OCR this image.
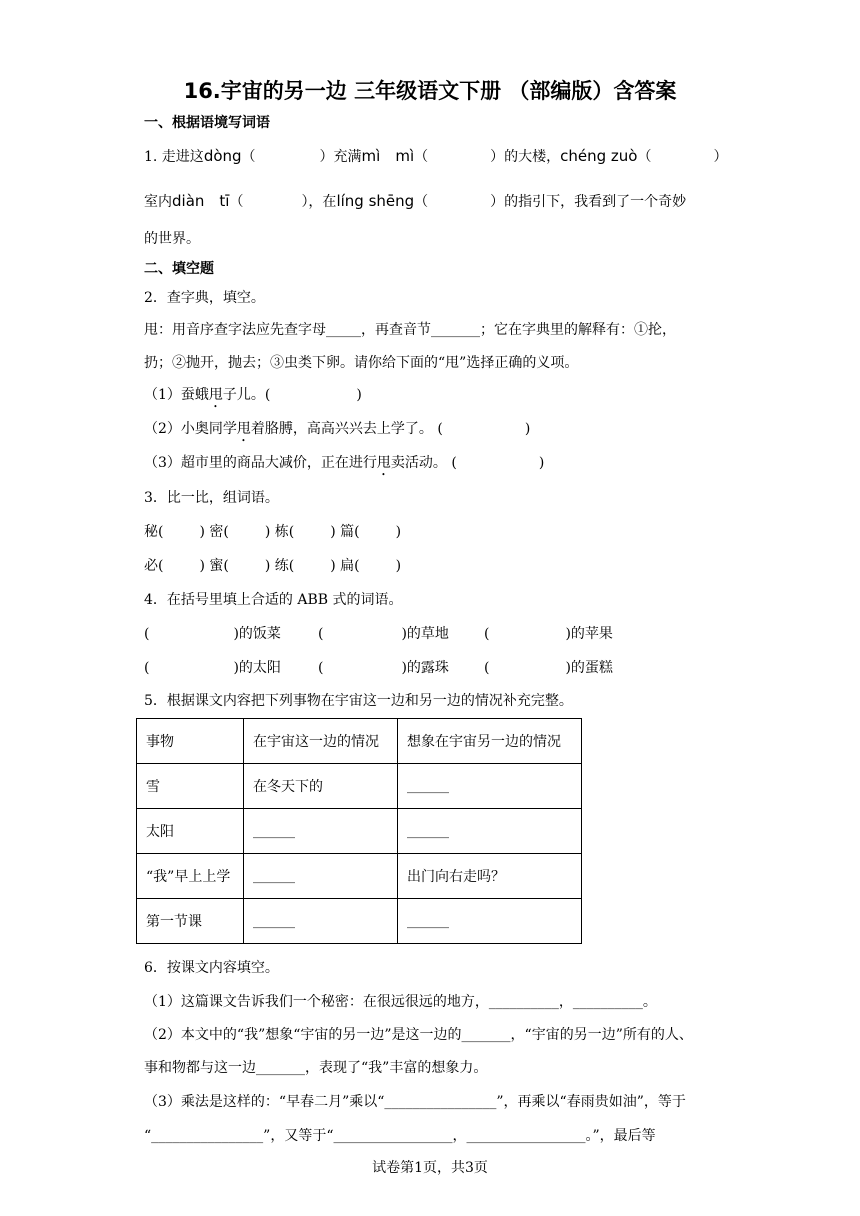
16.宇宙的另一边 三年级语文下册 （部编版）含答案
一、根据语境写词语
1. 走进这dòng（	）充满mì　mì（	）的大楼，chéng zuò（	）
室内diàn　tī（	），在líng shēng（	）的指引下，我看到了一个奇妙
的世界。
二、填空题
2．查字典，填空。
甩：用音序查字法应先查字母_____，再查音节_______；它在字典里的解释有：①抡，
扔；②抛开，抛去；③虫类下卵。请你给下面的“甩”选择正确的义项。
（1）蚕蛾甩子儿。(	)
（2）小奥同学甩着胳膊，高高兴兴去上学了。 (	)
（3）超市里的商品大减价，正在进行甩卖活动。 (	)
3．比一比，组词语。
秘(	) 密(	) 栋(	) 篇(	)
必(	) 蜜(	) 练(	) 扁(	)
4．在括号里填上合适的 ABB 式的词语。
(	)的饭菜	(	)的草地	(	)的苹果
(	)的太阳	(	)的露珠	(	)的蛋糕
5．根据课文内容把下列事物在宇宙这一边和另一边的情况补充完整。
事物	在宇宙这一边的情况	想象在宇宙另一边的情况
雪	在冬天下的	______
太阳	______	______
“我”早上上学	______	出门向右走吗？
第一节课	______	______
6．按课文内容填空。
（1）这篇课文告诉我们一个秘密：在很远很远的地方，__________，__________。
（2）本文中的“我”想象“宇宙的另一边”是这一边的_______，“宇宙的另一边”所有的人、
事和物都与这一边_______，表现了“我”丰富的想象力。
（3）乘法是这样的：“早春二月”乘以“________________”，再乘以“春雨贵如油”，等于
“________________”，又等于“_________________，_________________。”，最后等
试卷第1页，共3页
